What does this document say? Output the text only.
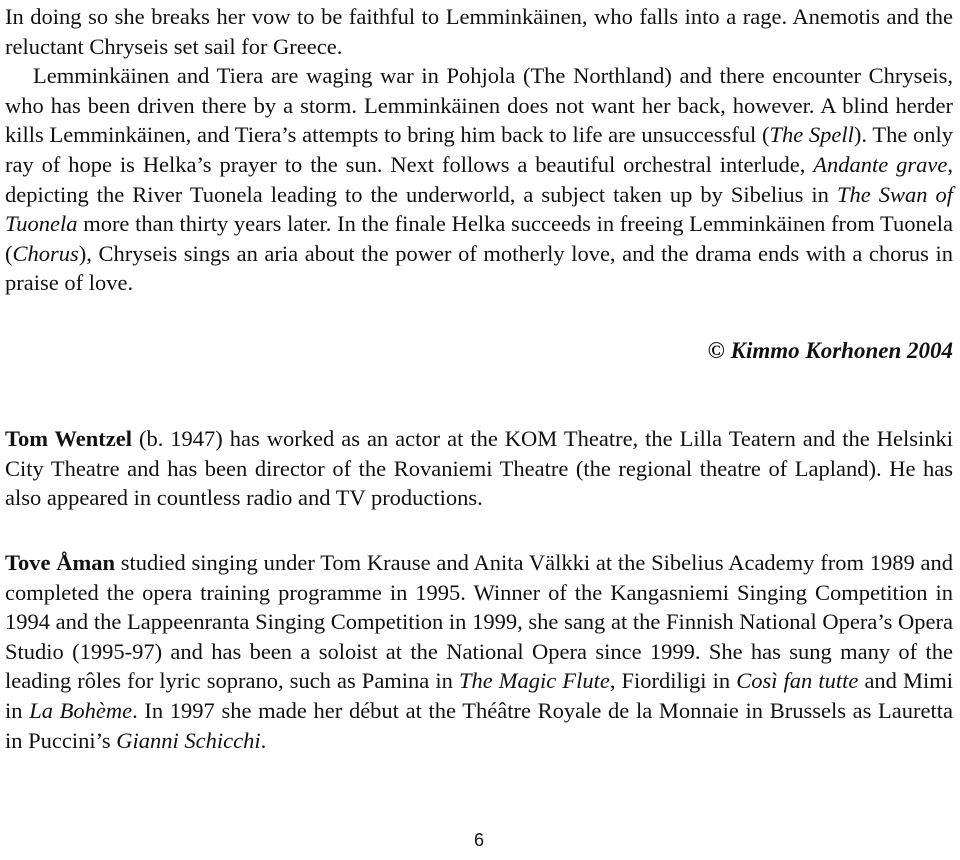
In doing so she breaks her vow to be faithful to Lemminkäinen, who falls into a rage. Anemotis and the reluctant Chryseis set sail for Greece.

Lemminkäinen and Tiera are waging war in Pohjola (The Northland) and there encounter Chryseis, who has been driven there by a storm. Lemminkäinen does not want her back, however. A blind herder kills Lemminkäinen, and Tiera’s attempts to bring him back to life are unsuccessful (The Spell). The only ray of hope is Helka’s prayer to the sun. Next follows a beautiful orchestral interlude, Andante grave, depicting the River Tuonela leading to the underworld, a subject taken up by Sibelius in The Swan of Tuonela more than thirty years later. In the finale Helka succeeds in freeing Lemminkäinen from Tuonela (Chorus), Chryseis sings an aria about the power of motherly love, and the drama ends with a chorus in praise of love.

© Kimmo Korhonen 2004

Tom Wentzel (b. 1947) has worked as an actor at the KOM Theatre, the Lilla Teatern and the Helsinki City Theatre and has been director of the Rovaniemi Theatre (the regional theatre of Lapland). He has also appeared in countless radio and TV productions.

Tove Åman studied singing under Tom Krause and Anita Välkki at the Sibelius Academy from 1989 and completed the opera training programme in 1995. Winner of the Kangasniemi Singing Competition in 1994 and the Lappeenranta Singing Competition in 1999, she sang at the Finnish National Opera’s Opera Studio (1995-97) and has been a soloist at the National Opera since 1999. She has sung many of the leading rôles for lyric soprano, such as Pamina in The Magic Flute, Fiordiligi in Così fan tutte and Mimi in La Bohème. In 1997 she made her début at the Théâtre Royale de la Monnaie in Brussels as Lauretta in Puccini’s Gianni Schicchi.

6
